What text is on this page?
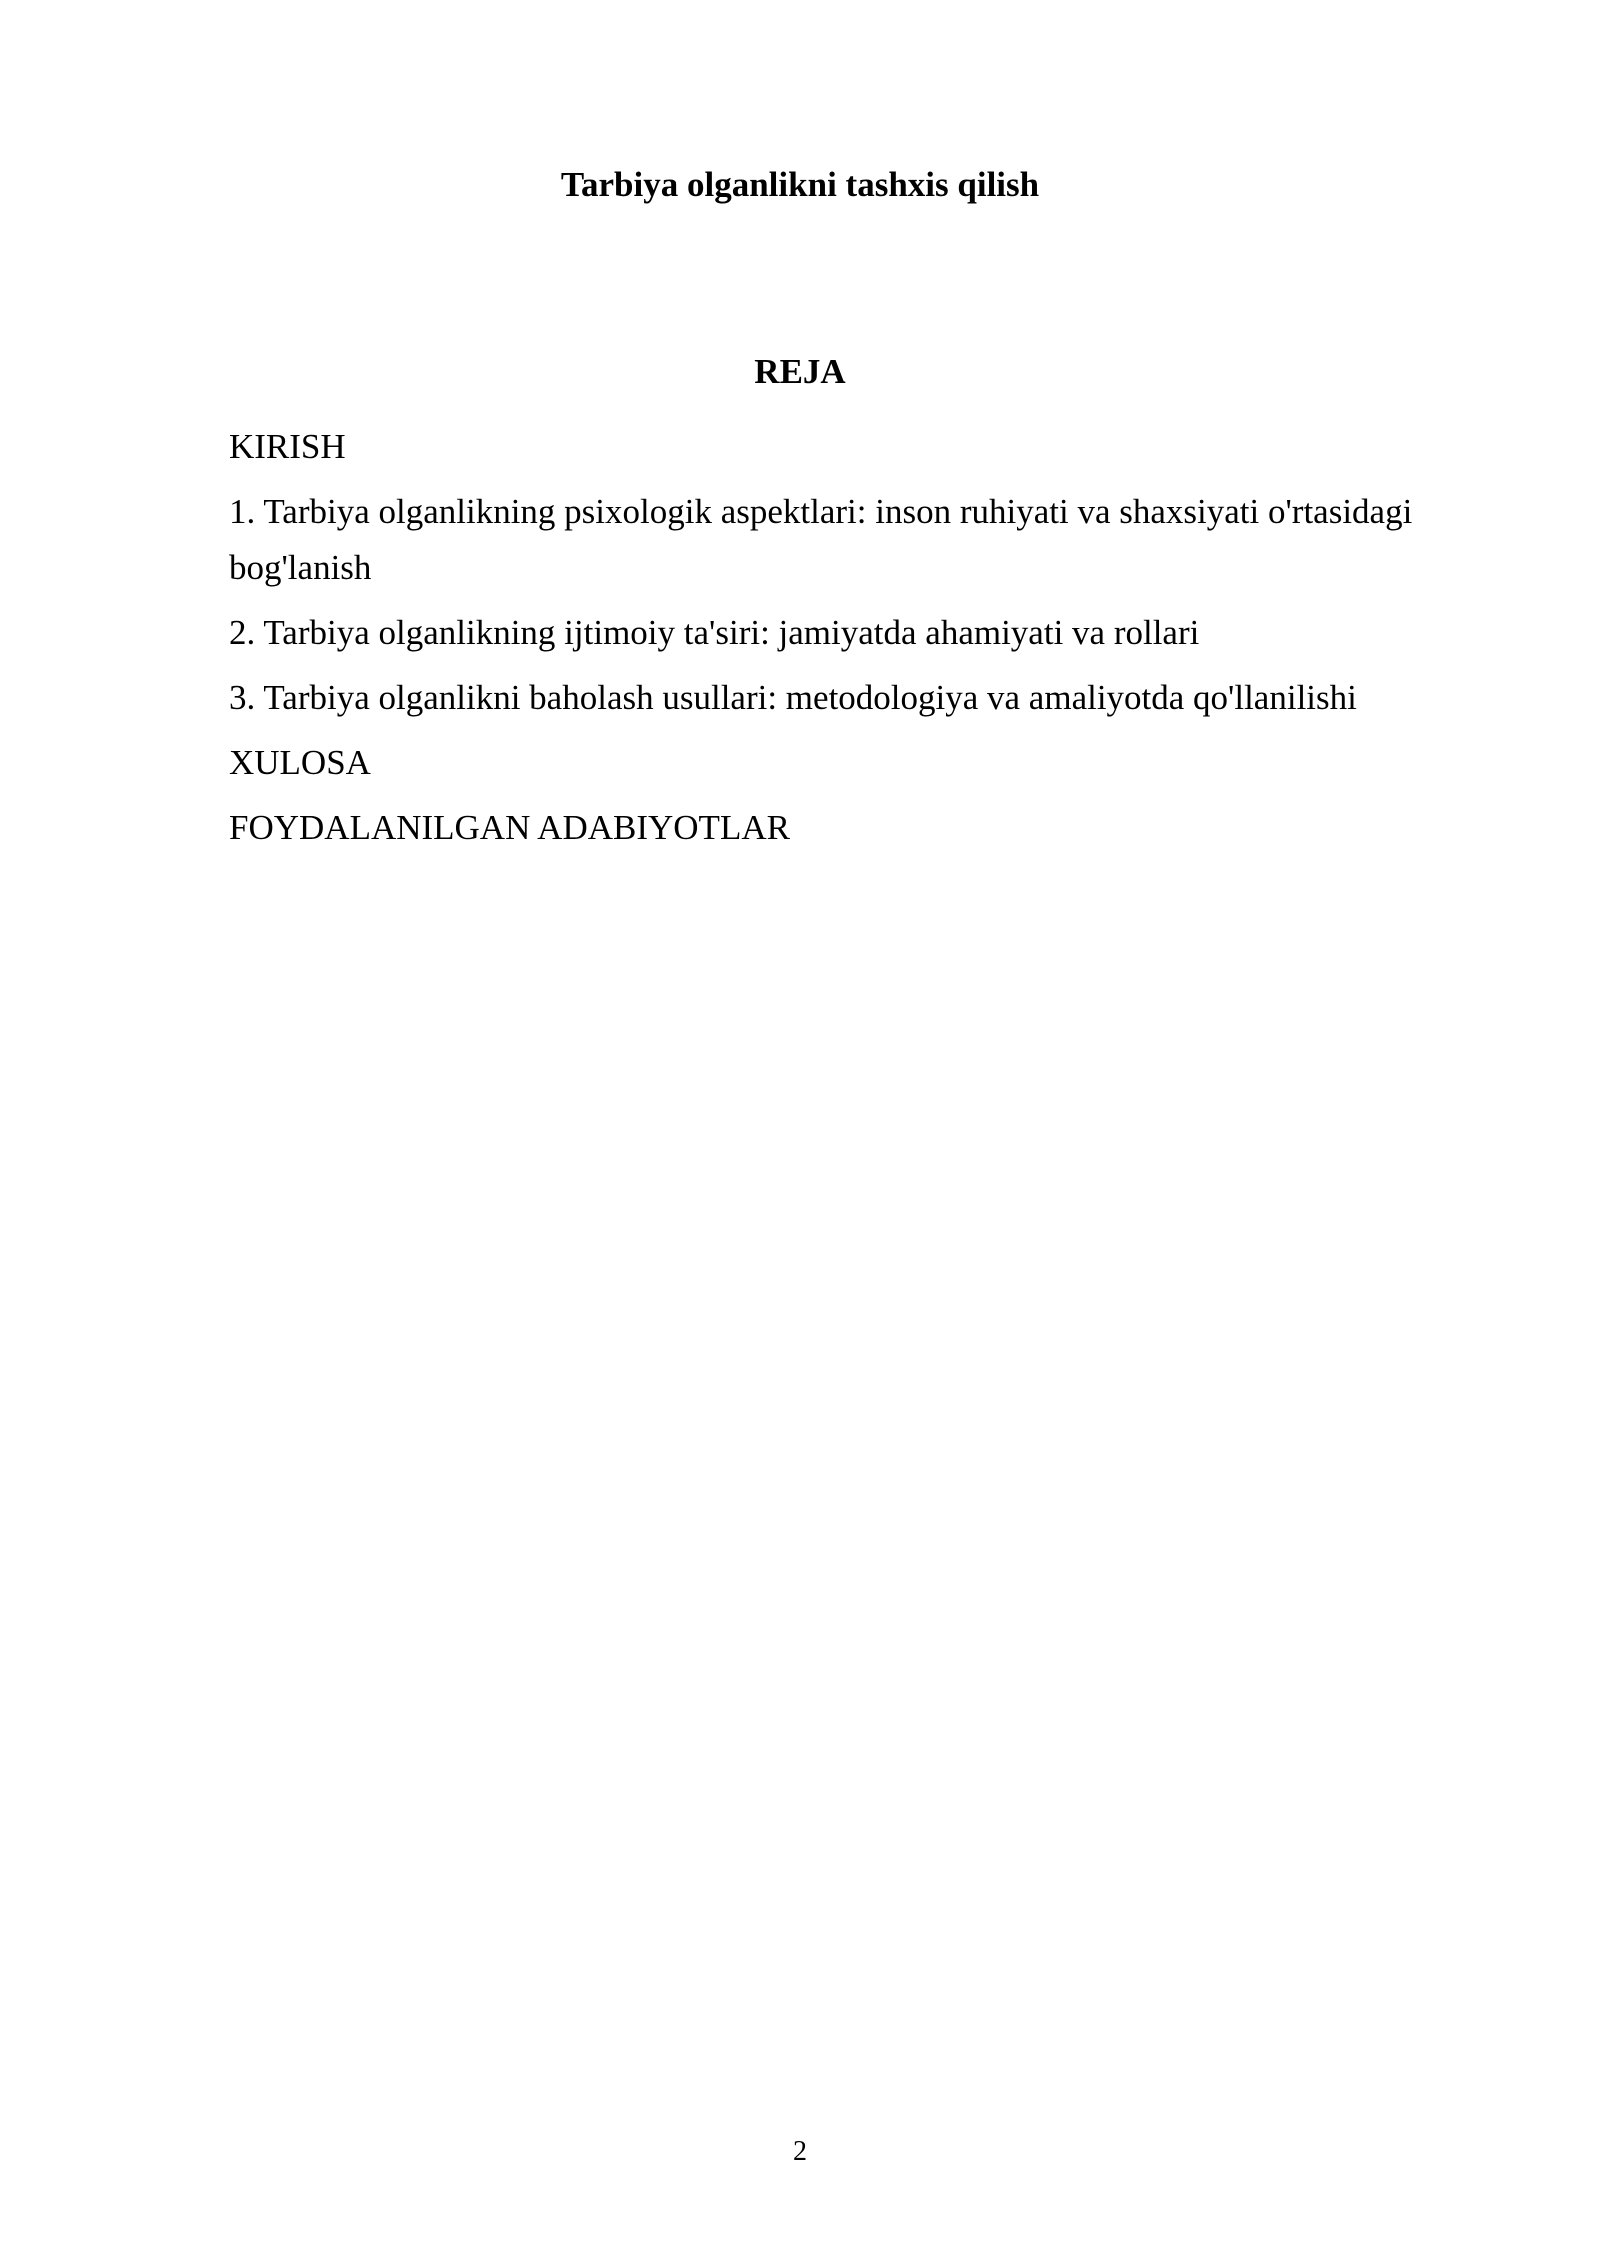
Tarbiya olganlikni tashxis qilish
REJA
KIRISH
1. Tarbiya olganlikning psixologik aspektlari: inson ruhiyati va shaxsiyati o'rtasidagi bog'lanish
2. Tarbiya olganlikning ijtimoiy ta'siri: jamiyatda ahamiyati va rollari
3. Tarbiya olganlikni baholash usullari: metodologiya va amaliyotda qo'llanilishi
XULOSA
FOYDALANILGAN ADABIYOTLAR
2
